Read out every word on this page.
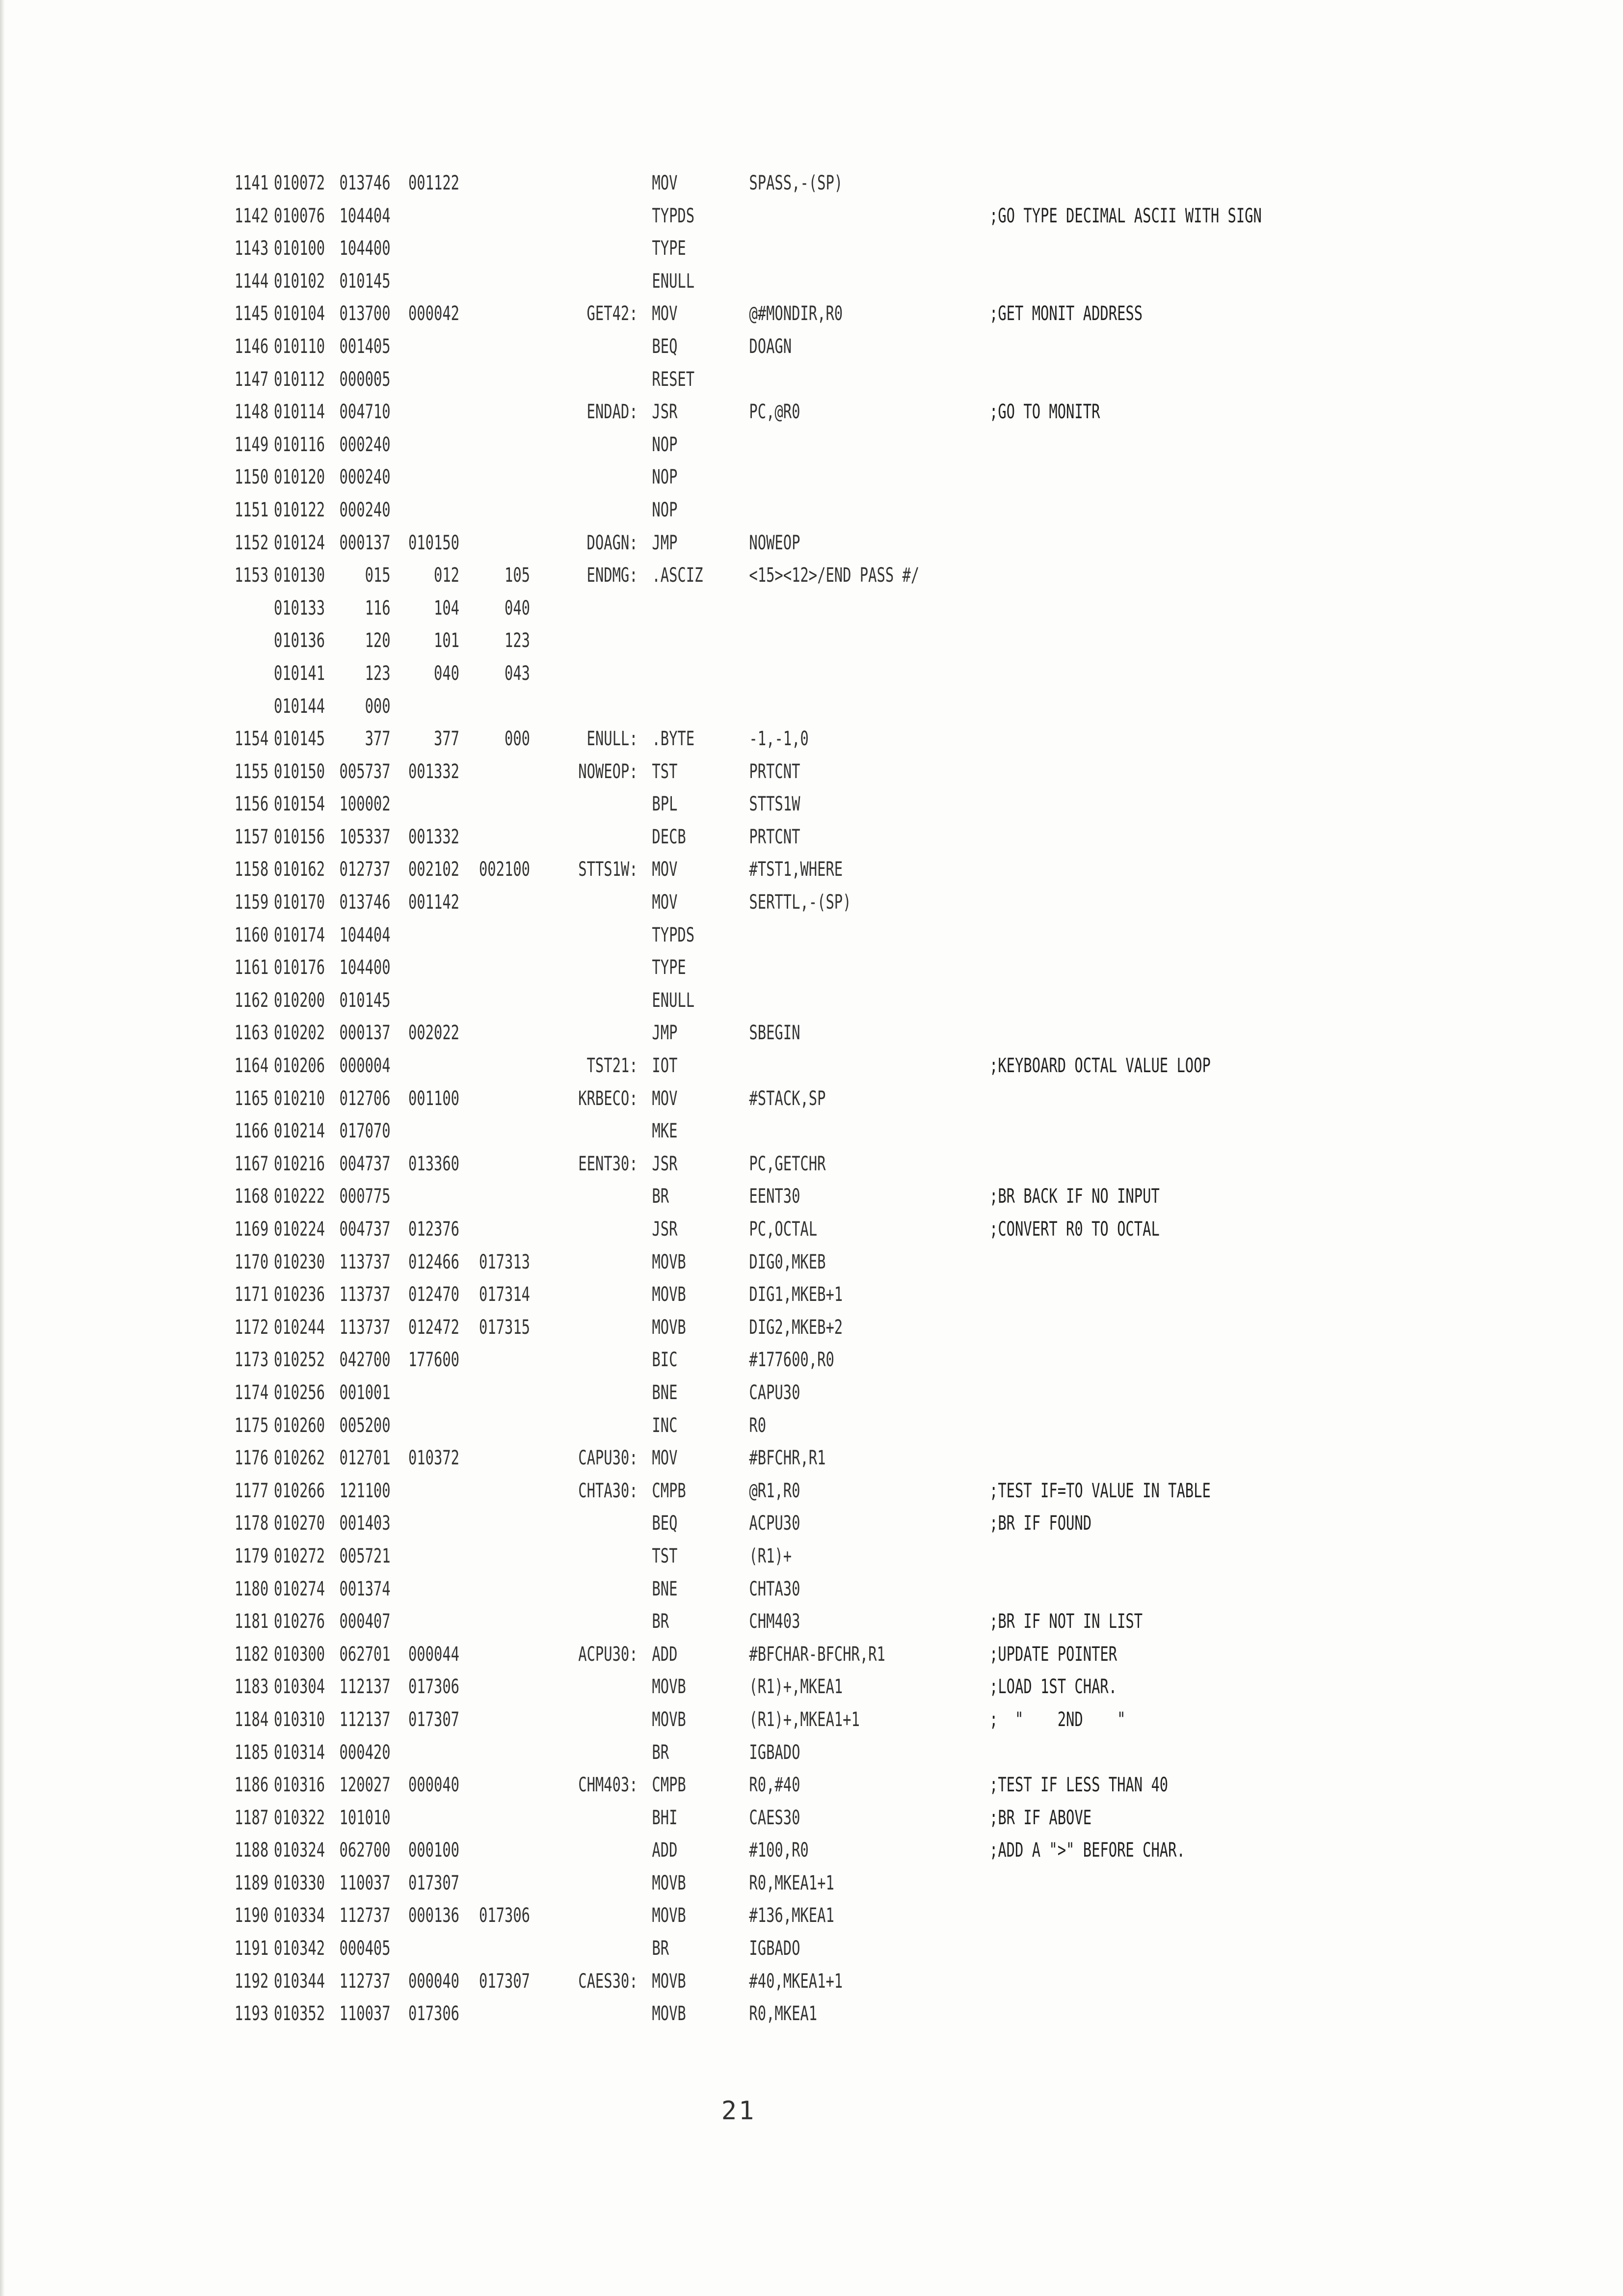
1141 010072 013746 001122	MOV	SPASS,-(SP)
1142 010076 104404	TYPDS	;GO TYPE DECIMAL ASCII WITH SIGN
1143 010100 104400	TYPE
1144 010102 010145	ENULL
1145 010104 013700 000042	GET42: MOV	@#MONDIR,R0	;GET MONIT ADDRESS
1146 010110 001405	BEQ	DOAGN
1147 010112 000005	RESET
1148 010114 004710	ENDAD: JSR	PC,@R0	;GO TO MONITR
1149 010116 000240	NOP
1150 010120 000240	NOP
1151 010122 000240	NOP
1152 010124 000137 010150	DOAGN: JMP	NOWEOP
1153 010130	015	012	105	ENDMG: .ASCIZ <15><12>/END PASS #/
010133	116	104	040
010136	120	101	123
010141	123	040	043
010144	000
1154 010145	377	377	000	ENULL: .BYTE	-1,-1,0
1155 010150 005737 001332	NOWEOP: TST	PRTCNT
1156 010154 100002	BPL	STTS1W
1157 010156 105337 001332	DECB	PRTCNT
1158 010162 012737 002102 002100	STTS1W: MOV	#TST1,WHERE
1159 010170 013746 001142	MOV	SERTTL,-(SP)
1160 010174 104404	TYPDS
1161 010176 104400	TYPE
1162 010200 010145	ENULL
1163 010202 000137 002022	JMP	SBEGIN
1164 010206 000004	TST21: IOT	;KEYBOARD OCTAL VALUE LOOP
1165 010210 012706 001100	KRBECO: MOV	#STACK,SP
1166 010214 017070	MKE
1167 010216 004737 013360	EENT30: JSR	PC,GETCHR
1168 010222 000775	BR	EENT30	;BR BACK IF NO INPUT
1169 010224 004737 012376	JSR	PC,OCTAL	;CONVERT R0 TO OCTAL
1170 010230 113737 012466 017313	MOVB	DIG0,MKEB
1171 010236 113737 012470 017314	MOVB	DIG1,MKEB+1
1172 010244 113737 012472 017315	MOVB	DIG2,MKEB+2
1173 010252 042700 177600	BIC	#177600,R0
1174 010256 001001	BNE	CAPU30
1175 010260 005200	INC	R0
1176 010262 012701 010372	CAPU30: MOV	#BFCHR,R1
1177 010266 121100	CHTA30: CMPB	@R1,R0	;TEST IF=TO VALUE IN TABLE
1178 010270 001403	BEQ	ACPU30	;BR IF FOUND
1179 010272 005721	TST	(R1)+
1180 010274 001374	BNE	CHTA30
1181 010276 000407	BR	CHM403	;BR IF NOT IN LIST
1182 010300 062701 000044	ACPU30: ADD	#BFCHAR-BFCHR,R1	;UPDATE POINTER
1183 010304 112137 017306	MOVB	(R1)+,MKEA1	;LOAD 1ST CHAR.
1184 010310 112137 017307	MOVB	(R1)+,MKEA1+1	;  "    2ND    "
1185 010314 000420	BR	IGBADO
1186 010316 120027 000040	CHM403: CMPB	R0,#40	;TEST IF LESS THAN 40
1187 010322 101010	BHI	CAES30	;BR IF ABOVE
1188 010324 062700 000100	ADD	#100,R0	;ADD A ">" BEFORE CHAR.
1189 010330 110037 017307	MOVB	R0,MKEA1+1
1190 010334 112737 000136 017306	MOVB	#136,MKEA1
1191 010342 000405	BR	IGBADO
1192 010344 112737 000040 017307	CAES30: MOVB	#40,MKEA1+1
1193 010352 110037 017306	MOVB	R0,MKEA1
21
